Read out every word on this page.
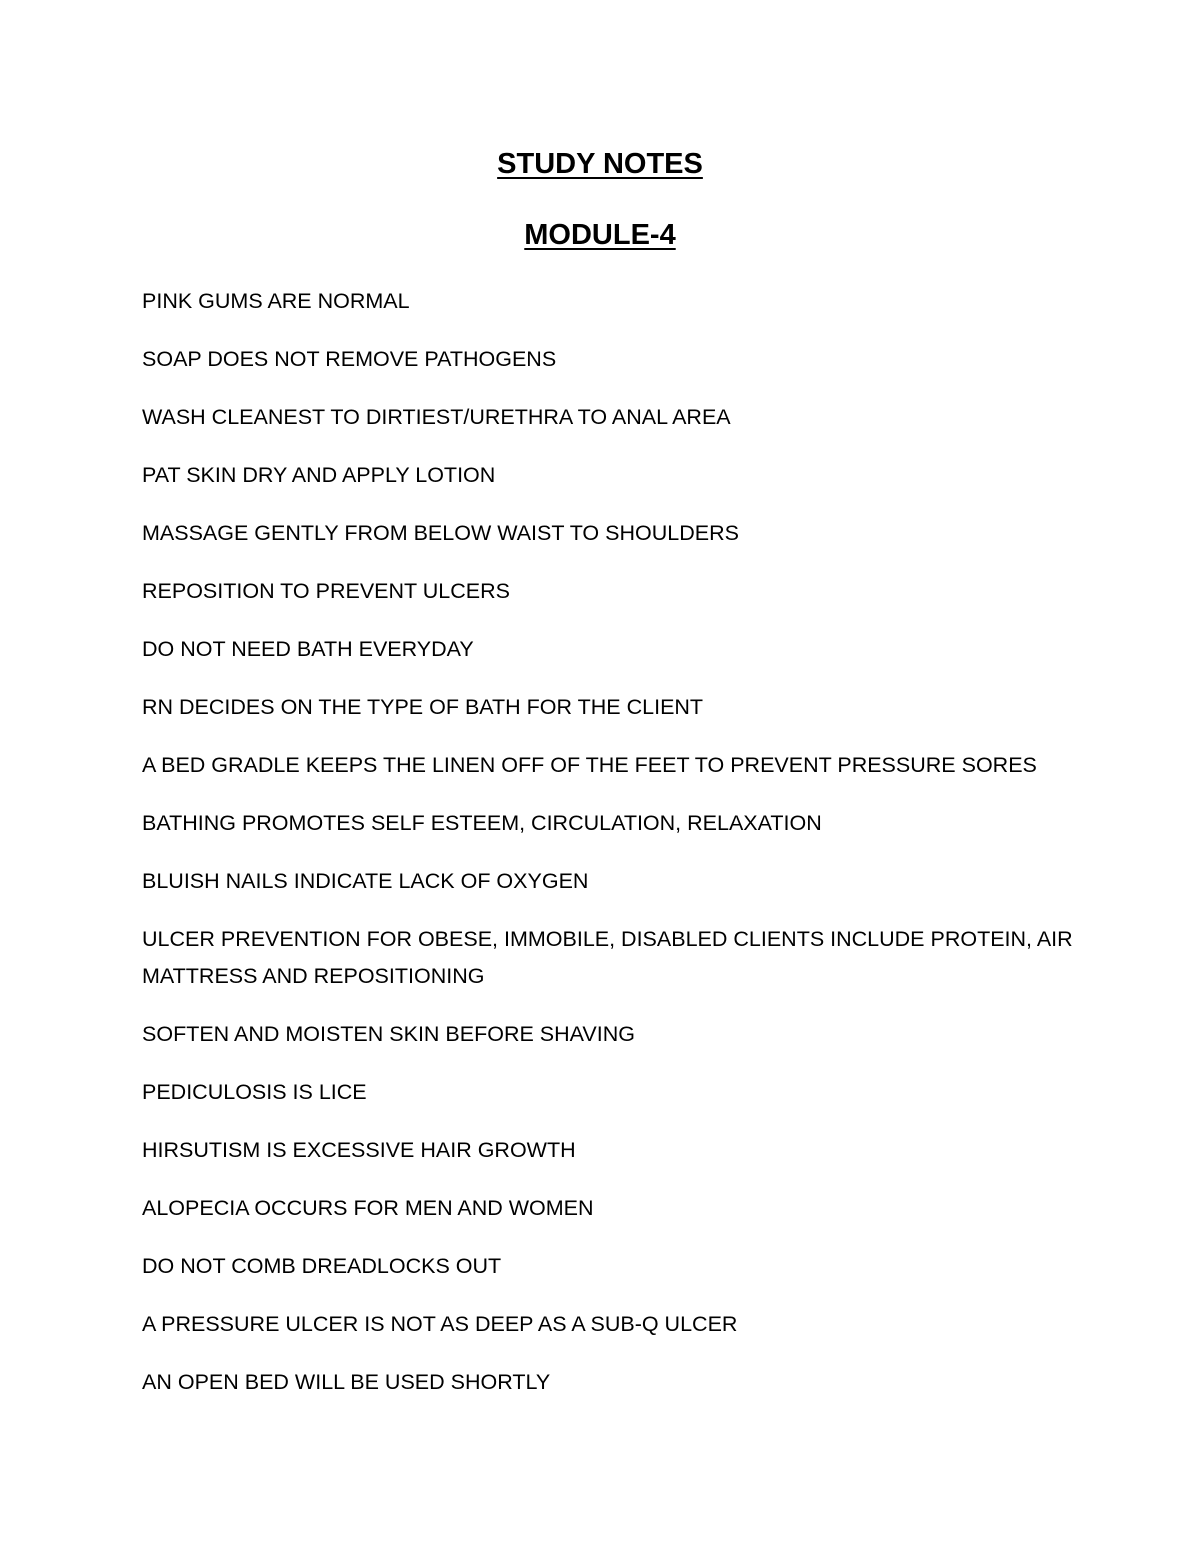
STUDY NOTES
MODULE-4
PINK GUMS ARE NORMAL
SOAP DOES NOT REMOVE PATHOGENS
WASH CLEANEST TO DIRTIEST/URETHRA TO ANAL AREA
PAT SKIN DRY AND APPLY LOTION
MASSAGE GENTLY FROM BELOW WAIST TO SHOULDERS
REPOSITION TO PREVENT ULCERS
DO NOT NEED BATH EVERYDAY
RN DECIDES ON THE TYPE OF BATH FOR THE CLIENT
A BED GRADLE KEEPS THE LINEN OFF OF THE FEET TO PREVENT PRESSURE SORES
BATHING PROMOTES SELF ESTEEM, CIRCULATION, RELAXATION
BLUISH NAILS INDICATE LACK OF OXYGEN
ULCER PREVENTION FOR OBESE, IMMOBILE, DISABLED CLIENTS INCLUDE PROTEIN, AIR MATTRESS AND REPOSITIONING
SOFTEN AND MOISTEN SKIN BEFORE SHAVING
PEDICULOSIS IS LICE
HIRSUTISM IS EXCESSIVE HAIR GROWTH
ALOPECIA OCCURS FOR MEN AND WOMEN
DO NOT COMB DREADLOCKS OUT
A PRESSURE ULCER IS NOT AS DEEP AS A SUB-Q ULCER
AN OPEN BED WILL BE USED SHORTLY
